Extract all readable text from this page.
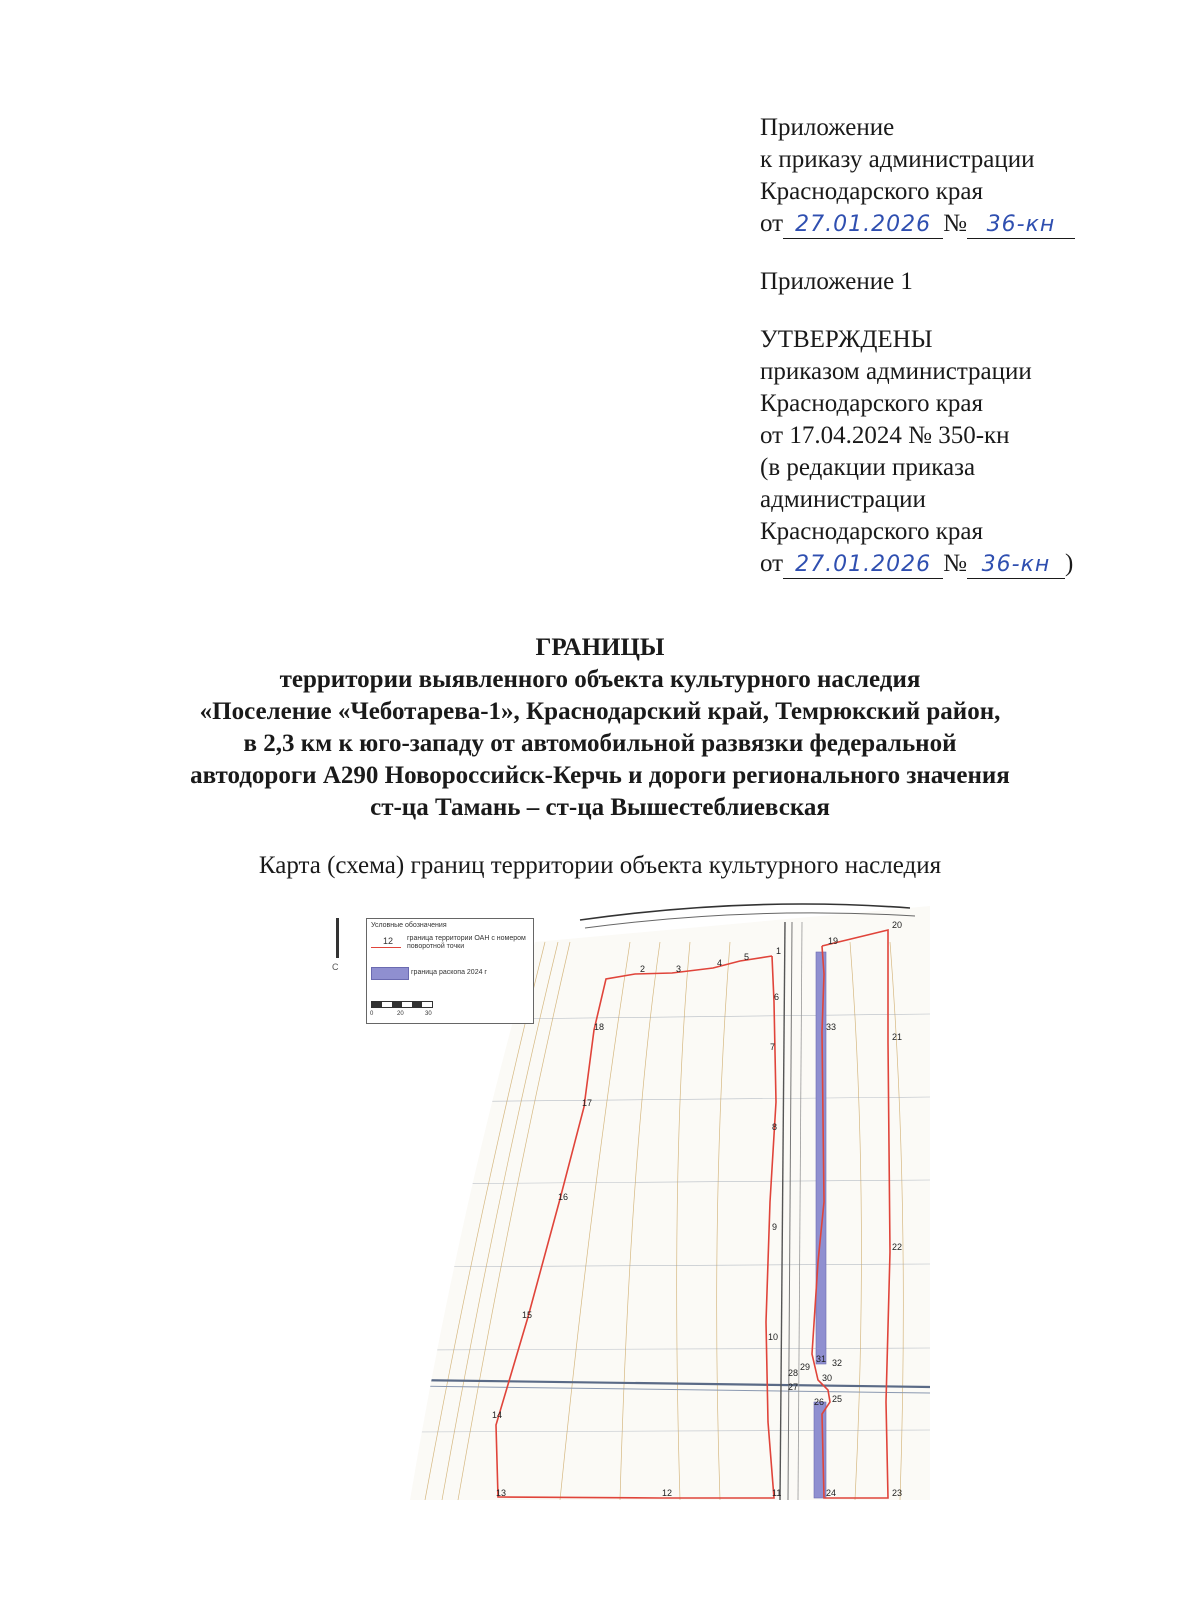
Приложение

к приказу администрации

Краснодарского края

от 27.01.2026 № 36-кн

Приложение 1

УТВЕРЖДЕНЫ

приказом администрации

Краснодарского края

от 17.04.2024 № 350-кн

(в редакции приказа

администрации

Краснодарского края

от 27.01.2026 № 36-кн )

ГРАНИЦЫ

территории выявленного объекта культурного наследия

«Поселение «Чеботарева-1», Краснодарский край, Темрюкский район,

в 2,3 км к юго-западу от автомобильной развязки федеральной

автодороги А290 Новороссийск-Керчь и дороги регионального значения

ст-ца Тамань – ст-ца Вышестеблиевская

Карта (схема) границ территории объекта культурного наследия
1
2	3
4
5
6
7
8
9
10
11
12
13
14
15
16
17
18
19
20
21
22
23
24
25
26
27
28
29
30
31 32
33
С
Условные обозначения
12 граница территории ОАН с номером поворотной точки
граница раскопа 2024 г
0	20	30
